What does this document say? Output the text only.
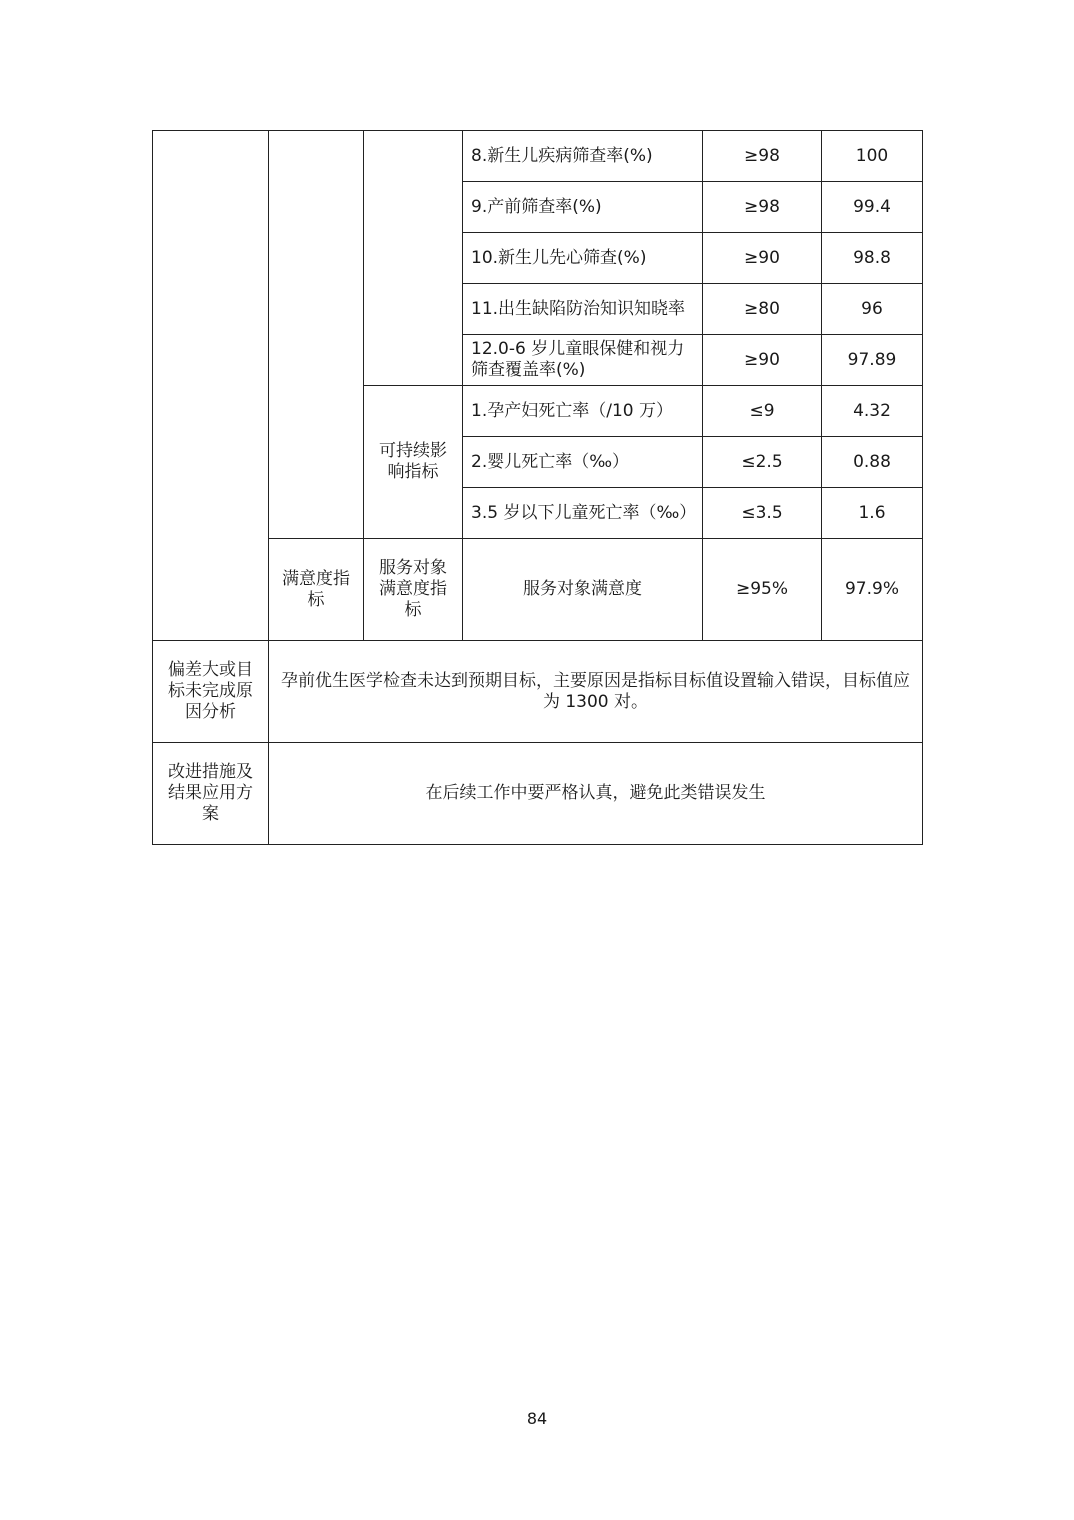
			8.新生儿疾病筛查率(%)	≥98	100
			9.产前筛查率(%)	≥98	99.4
			10.新生儿先心筛查(%)	≥90	98.8
			11.出生缺陷防治知识知晓率	≥80	96
			12.0-6 岁儿童眼保健和视力筛查覆盖率(%)	≥90	97.89
		可持续影响指标	1.孕产妇死亡率（/10 万）	≤9	4.32
			2.婴儿死亡率（‰）	≤2.5	0.88
			3.5 岁以下儿童死亡率（‰）	≤3.5	1.6
	满意度指标	服务对象满意度指标	服务对象满意度	≥95%	97.9%
偏差大或目标未完成原因分析	孕前优生医学检查未达到预期目标，主要原因是指标目标值设置输入错误，目标值应为 1300 对。				
改进措施及结果应用方案	在后续工作中要严格认真，避免此类错误发生				
84
